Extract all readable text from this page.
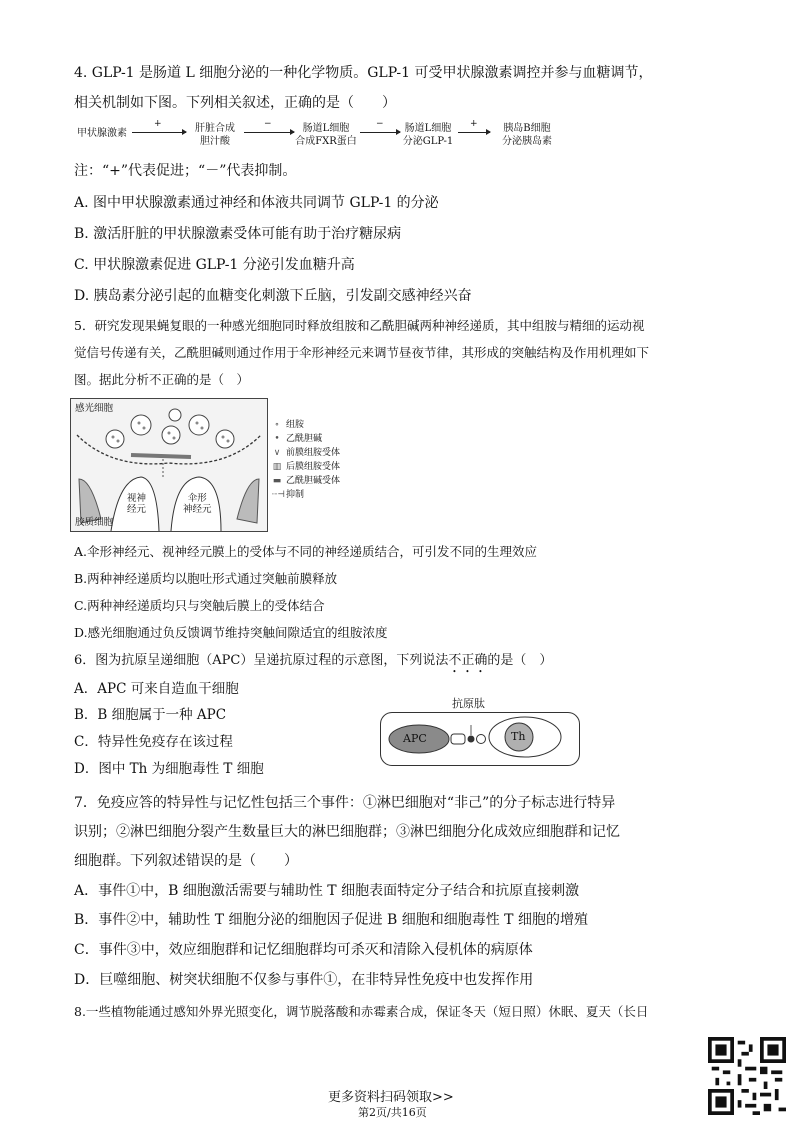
4. GLP-1 是肠道 L 细胞分泌的一种化学物质。GLP-1 可受甲状腺激素调控并参与血糖调节，
相关机制如下图。下列相关叙述，正确的是（　　）
甲状腺激素
+	肝脏合成
胆汁酸
−	肠道L细胞
合成FXR蛋白
−	肠道L细胞
分泌GLP-1
+	胰岛B细胞
分泌胰岛素
注：“+”代表促进；“－”代表抑制。
A. 图中甲状腺激素通过神经和体液共同调节 GLP-1 的分泌
B. 激活肝脏的甲状腺激素受体可能有助于治疗糖尿病
C. 甲状腺激素促进 GLP-1 分泌引发血糖升高
D. 胰岛素分泌引起的血糖变化刺激下丘脑，引发副交感神经兴奋
5．研究发现果蝇复眼的一种感光细胞同时释放组胺和乙酰胆碱两种神经递质，其中组胺与精细的运动视
觉信号传递有关，乙酰胆碱则通过作用于伞形神经元来调节昼夜节律，其形成的突触结构及作用机理如下
图。据此分析不正确的是（　）
感光细胞
视神
经元
伞形
神经元
胶质细胞
∘ 组胺
• 乙酰胆碱
∨ 前膜组胺受体
▥ 后膜组胺受体
▬ 乙酰胆碱受体
┈⊣ 抑制
A.伞形神经元、视神经元膜上的受体与不同的神经递质结合，可引发不同的生理效应
B.两种神经递质均以胞吐形式通过突触前膜释放
C.两种神经递质均只与突触后膜上的受体结合
D.感光细胞通过负反馈调节维持突触间隙适宜的组胺浓度
6．图为抗原呈递细胞（APC）呈递抗原过程的示意图，下列说法不正确的是（　）
A．APC 可来自造血干细胞
B．B 细胞属于一种 APC
C．特异性免疫存在该过程
D．图中 Th 为细胞毒性 T 细胞
抗原肽
APC	Th
7．免疫应答的特异性与记忆性包括三个事件：①淋巴细胞对“非己”的分子标志进行特异
识别；②淋巴细胞分裂产生数量巨大的淋巴细胞群；③淋巴细胞分化成效应细胞群和记忆
细胞群。下列叙述错误的是（　　）
A．事件①中，B 细胞激活需要与辅助性 T 细胞表面特定分子结合和抗原直接刺激
B．事件②中，辅助性 T 细胞分泌的细胞因子促进 B 细胞和细胞毒性 T 细胞的增殖
C．事件③中，效应细胞群和记忆细胞群均可杀灭和清除入侵机体的病原体
D．巨噬细胞、树突状细胞不仅参与事件①，在非特异性免疫中也发挥作用
8.一些植物能通过感知外界光照变化，调节脱落酸和赤霉素合成，保证冬天（短日照）休眠、夏天（长日
更多资料扫码领取>>
第2页/共16页
